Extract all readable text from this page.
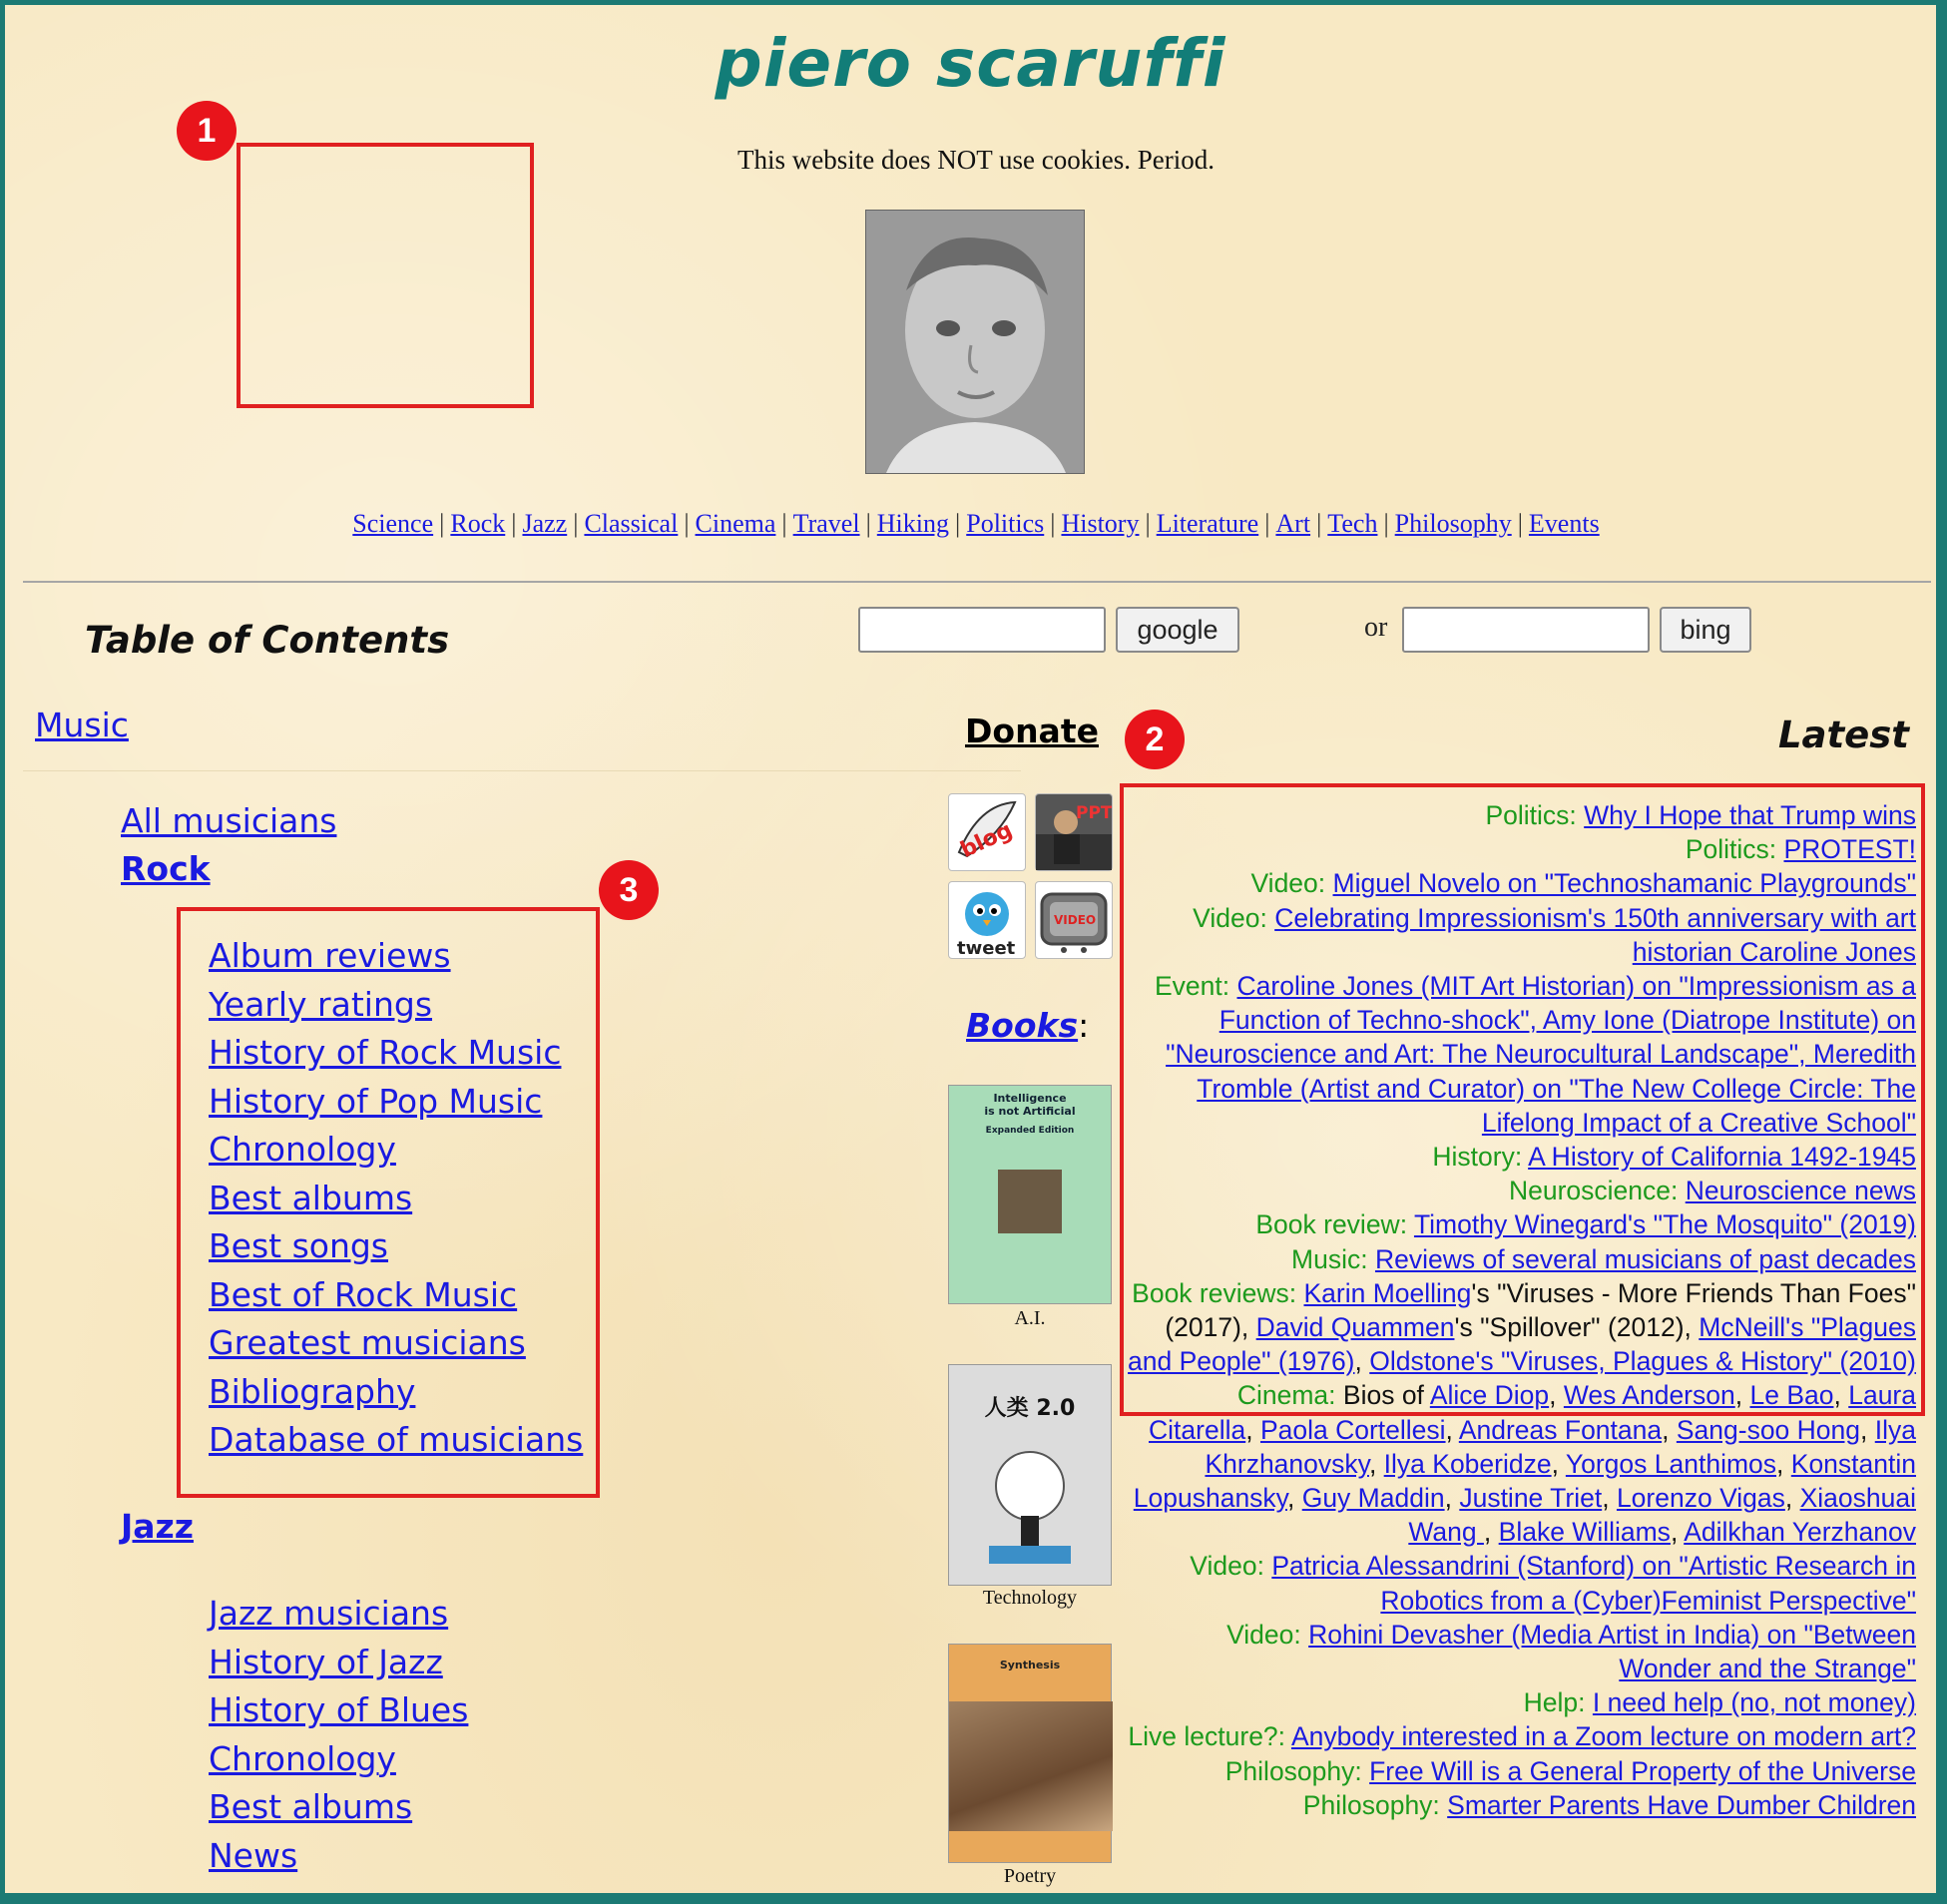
piero scaruffi
This website does NOT use cookies. Period.
Science | Rock | Jazz | Classical | Cinema | Travel | Hiking | Politics | History | Literature | Art | Tech | Philosophy | Events
Table of Contents	google	or	bing
Music
All musicians
Rock
Album reviews
Yearly ratings
History of Rock Music
History of Pop Music
Chronology
Best albums
Best songs
Best of Rock Music
Greatest musicians
Bibliography
Database of musicians
Jazz
Jazz musicians
History of Jazz
History of Blues
Chronology
Best albums
News
1
2
3
Donate
blog
PPT
tweet
VIDEO
Books:
Intelligence
is not Artificial
Expanded Edition
A.I.
人类 2.0
Technology
Synthesis
Poetry
Latest
Politics: Why I Hope that Trump wins
Politics: PROTEST!
Video: Miguel Novelo on "Technoshamanic Playgrounds"
Video: Celebrating Impressionism's 150th anniversary with art historian Caroline Jones
Event: Caroline Jones (MIT Art Historian) on "Impressionism as a Function of Techno-shock", Amy Ione (Diatrope Institute) on "Neuroscience and Art: The Neurocultural Landscape", Meredith Tromble (Artist and Curator) on "The New College Circle: The Lifelong Impact of a Creative School"
History: A History of California 1492-1945
Neuroscience: Neuroscience news
Book review: Timothy Winegard's "The Mosquito" (2019)
Music: Reviews of several musicians of past decades
Book reviews: Karin Moelling's "Viruses - More Friends Than Foes" (2017), David Quammen's "Spillover" (2012), McNeill's "Plagues and People" (1976), Oldstone's "Viruses, Plagues & History" (2010)
Cinema: Bios of Alice Diop, Wes Anderson, Le Bao, Laura Citarella, Paola Cortellesi, Andreas Fontana, Sang-soo Hong, Ilya Khrzhanovsky, Ilya Koberidze, Yorgos Lanthimos, Konstantin Lopushansky, Guy Maddin, Justine Triet, Lorenzo Vigas, Xiaoshuai Wang , Blake Williams, Adilkhan Yerzhanov
Video: Patricia Alessandrini (Stanford) on "Artistic Research in Robotics from a (Cyber)Feminist Perspective"
Video: Rohini Devasher (Media Artist in India) on "Between Wonder and the Strange"
Help: I need help (no, not money)
Live lecture?: Anybody interested in a Zoom lecture on modern art?
Philosophy: Free Will is a General Property of the Universe
Philosophy: Smarter Parents Have Dumber Children
